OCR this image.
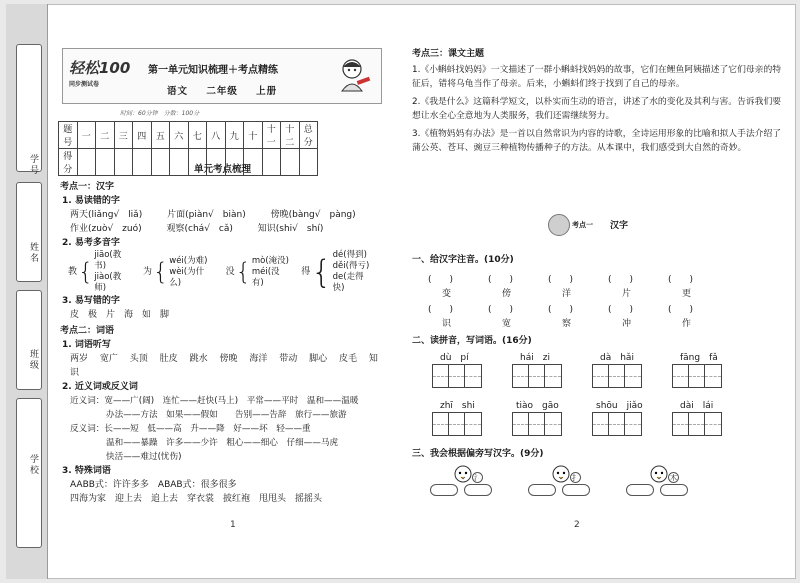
学号
姓名
班级
学校
轻松100
同步测试卷
第一单元知识梳理＋考点精练
语文 二年级 上册
时间：60分钟　分数：100分
题号	一	二	三	四	五	六	七	八	九	十	十一	十二	总分
得分														单元考点梳理
考点一：汉字
1. 易读错的字
两天(liǎng√　liǎ)	片面(piàn√　biàn)	傍晚(bàng√　pàng)
作业(zuò√　zuó)	观察(chá√　cǎ)	知识(shi√　shí)
2. 易考多音字
教 {
jiāo(教书)
jiào(教师)
为 { wéi(为难)
wèi(为什么)
没 { mò(淹没)
méi(没有)
得 { dé(得到)
děi(得亏)
de(走得快)
3. 易写错的字
皮　极　片　海　如　脚
考点二：词语
1. 词语听写
两岁 宽广 头顶 肚皮 跳水 傍晚 海洋 带动 脚心 皮毛 知识
2. 近义词或反义词
近义词：宽——广(阔)　连忙——赶快(马上)　平常——平时　温和——温暖
办法——方法　如果——假如　　告别——告辞　旅行——旅游
反义词：长——短　低——高　升——降　好——坏　轻——重
温和——暴躁　许多——少许　粗心——细心　仔细——马虎
快活——难过(忧伤)
3. 特殊词语
AABB式：许许多多　ABAB式：很多很多
四海为家　迎上去　追上去　穿衣裳　披红袍　甩甩头　摇摇头
1
考点三：课文主题

1.《小蝌蚪找妈妈》一文描述了一群小蝌蚪找妈妈的故事，它们在鲤鱼阿姨描述了它们母亲的特征后，错将乌龟当作了母亲。后来，小蝌蚪们终于找到了自己的母亲。

2.《我是什么》这篇科学短文，以朴实而生动的语言，讲述了水的变化及其利与害。告诉我们要想让水全心全意地为人类服务，我们还需继续努力。

3.《植物妈妈有办法》是一首以自然常识为内容的诗歌，全诗运用形象的比喻和拟人手法介绍了蒲公英、苍耳、豌豆三种植物传播种子的方法。从本课中，我们感受到大自然的奇妙。

考点一 汉字
一、给汉字注音。(10分)
(　　)	(　　)	(　　)	(　　)	(　　)
变	傍	洋	片	更
(　　)	(　　)	(　　)	(　　)	(　　)
识	宽	察	冲	作
二、读拼音，写词语。(16分)
dù　pí	hái　zi	dà　hǎi	fāng　fǎ
zhī　shi	tiào　gāo	shōu　jiǎo	dài　lái
三、我会根据偏旁写汉字。(9分)
氵	扌	木
2
